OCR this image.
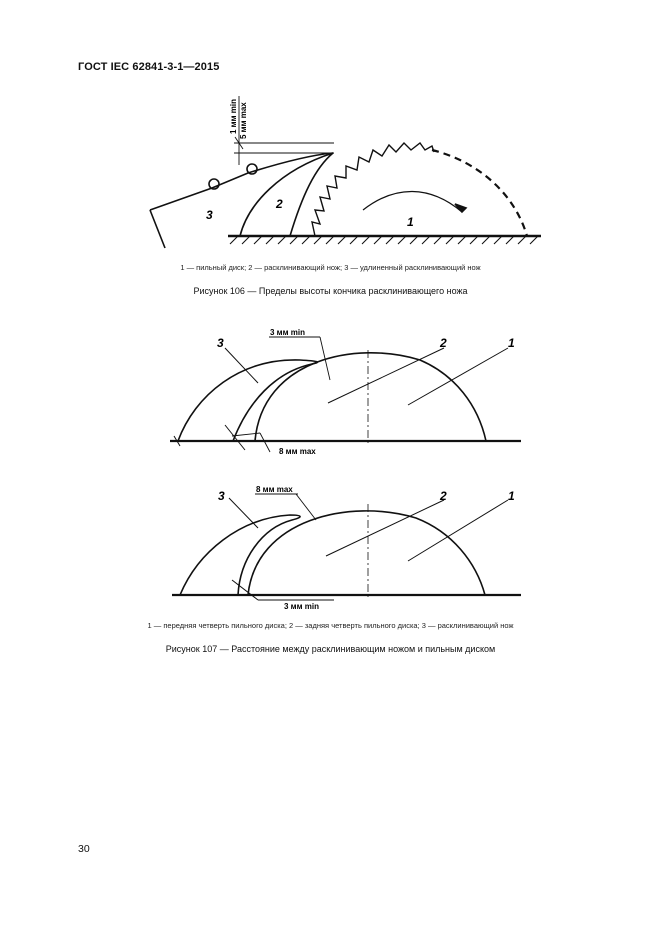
ГОСТ IEC 62841-3-1—2015
1
2
3
1 мм min 5 мм max
1 — пильный диск; 2 — расклинивающий нож; 3 — удлиненный расклинивающий нож
Рисунок 106 — Пределы высоты кончика расклинивающего ножа
3	2	1
3 мм min
8 мм max
3	2	1
8 мм max
3 мм min
1 — передняя четверть пильного диска; 2 — задняя четверть пильного диска; 3 — расклинивающий нож
Рисунок 107 — Расстояние между расклинивающим ножом и пильным диском
30
